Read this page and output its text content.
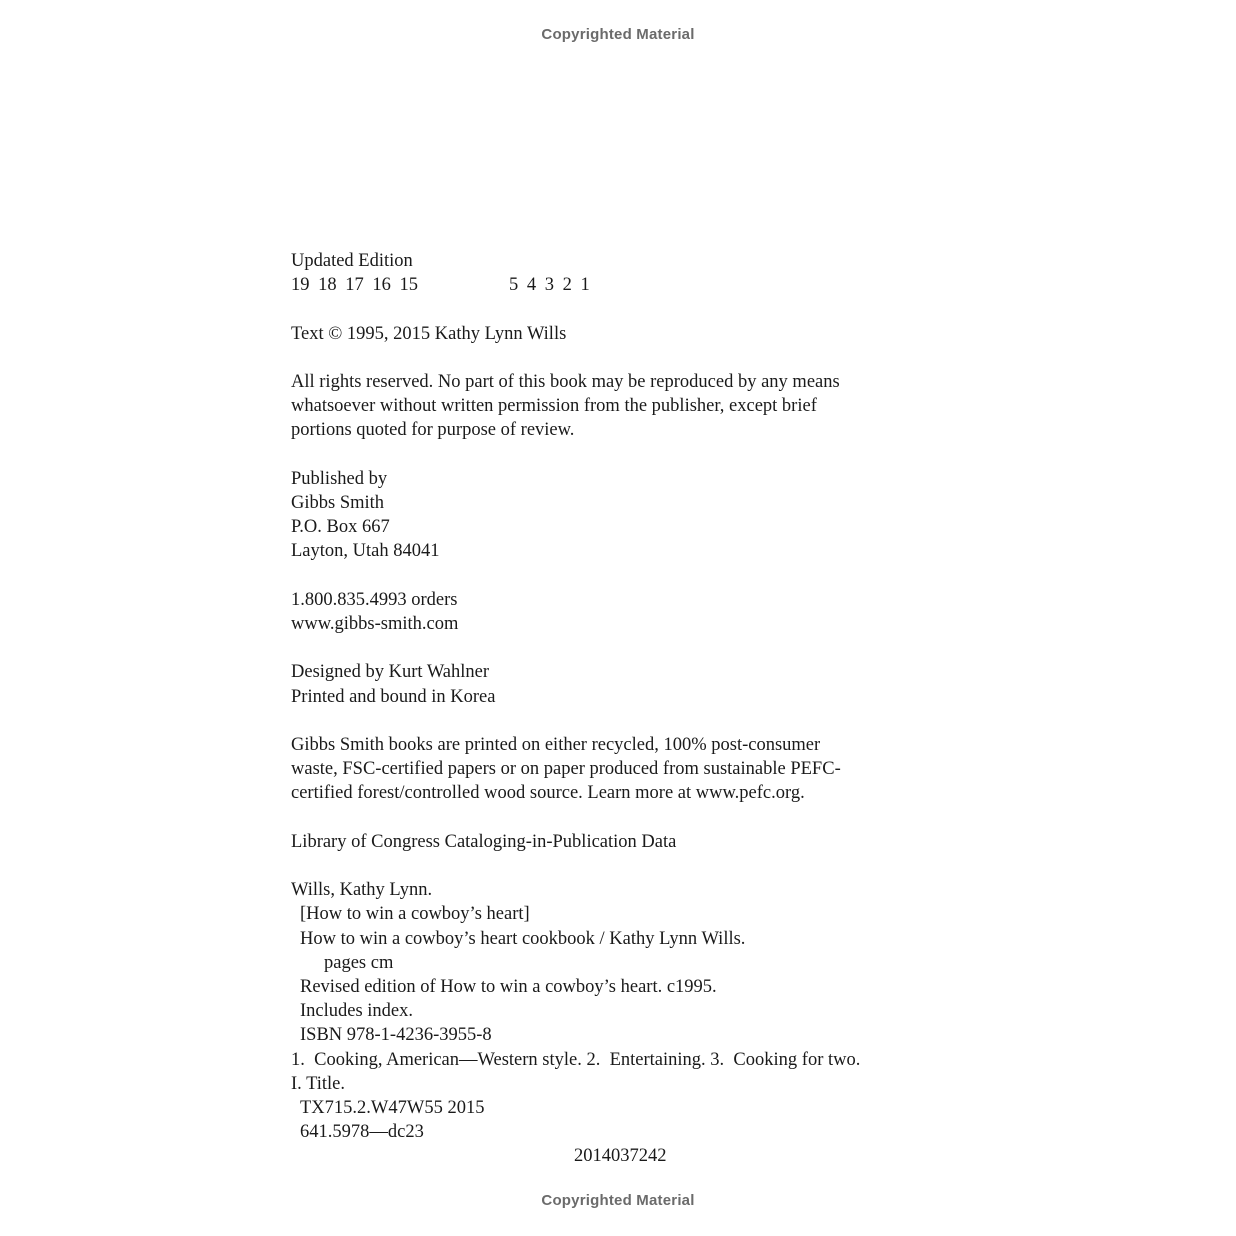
Copyrighted Material
Updated Edition
19 18 17 16 15	5 4 3 2 1
Text © 1995, 2015 Kathy Lynn Wills
All rights reserved. No part of this book may be reproduced by any means
whatsoever without written permission from the publisher, except brief
portions quoted for purpose of review.
Published by
Gibbs Smith
P.O. Box 667
Layton, Utah 84041
1.800.835.4993 orders
www.gibbs-smith.com
Designed by Kurt Wahlner
Printed and bound in Korea
Gibbs Smith books are printed on either recycled, 100% post-consumer
waste, FSC-certified papers or on paper produced from sustainable PEFC-
certified forest/controlled wood source. Learn more at www.pefc.org.
Library of Congress Cataloging-in-Publication Data
Wills, Kathy Lynn.
[How to win a cowboy’s heart]
How to win a cowboy’s heart cookbook / Kathy Lynn Wills.
pages cm
Revised edition of How to win a cowboy’s heart. c1995.
Includes index.
ISBN 978-1-4236-3955-8
1.  Cooking, American—Western style. 2.  Entertaining. 3.  Cooking for two.
I. Title.
TX715.2.W47W55 2015
641.5978—dc23
2014037242
Copyrighted Material
